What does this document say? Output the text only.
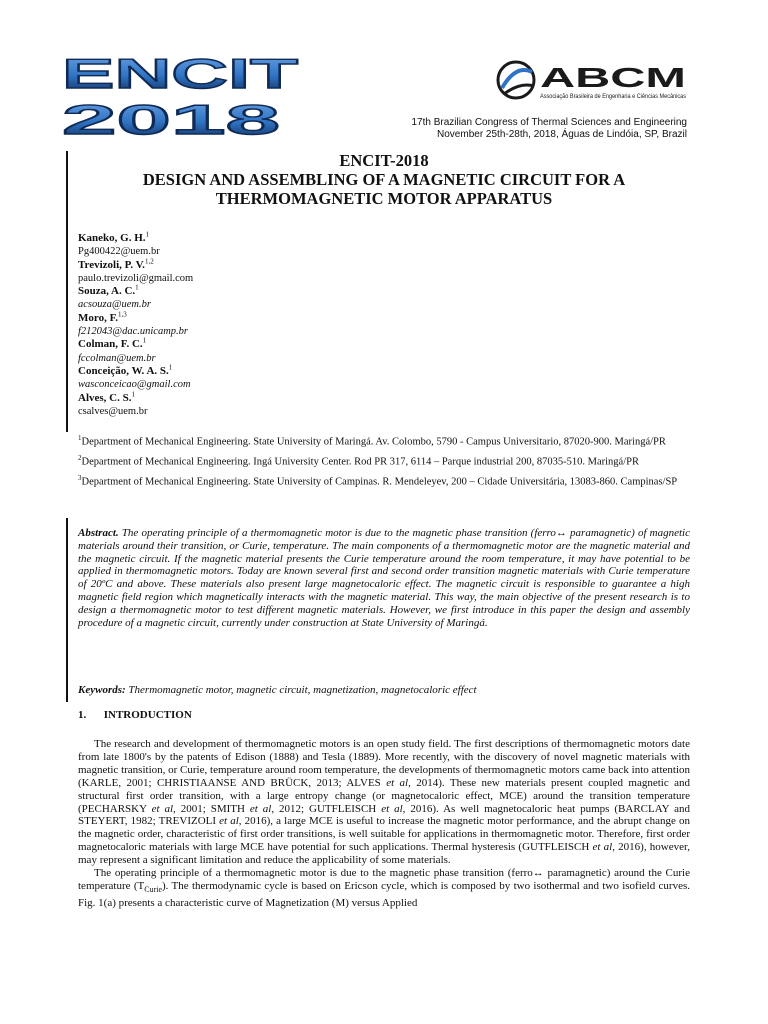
ENCIT
2018
ABCM
Associação Brasileira de Engenharia e Ciências Mecânicas
17th Brazilian Congress of Thermal Sciences and Engineering
November 25th-28th, 2018, Águas de Lindóia, SP, Brazil
ENCIT-2018
DESIGN AND ASSEMBLING OF A MAGNETIC CIRCUIT FOR A
THERMOMAGNETIC MOTOR APPARATUS
Kaneko, G. H.$^1$
Pg400422@uem.br
Trevizoli, P. V.$^{1,2}$
paulo.trevizoli@gmail.com
Souza, A. C.$^1$
acsouza@uem.br
Moro, F.$^{1,3}$
f212043@dac.unicamp.br
Colman, F. C.$^1$
fccolman@uem.br
Conceição, W. A. S.$^1$
wasconceicao@gmail.com
Alves, C. S.$^1$
csalves@uem.br

$^1$Department of Mechanical Engineering. State University of Maringá. Av. Colombo, 5790 - Campus Universitario, 87020-900. Maringá/PR

$^2$Department of Mechanical Engineering. Ingá University Center. Rod PR 317, 6114 – Parque industrial 200, 87035-510. Maringá/PR

$^3$Department of Mechanical Engineering. State University of Campinas. R. Mendeleyev, 200 – Cidade Universitária, 13083-860. Campinas/SP

Abstract. The operating principle of a thermomagnetic motor is due to the magnetic phase transition (ferro↔ paramagnetic) of magnetic materials around their transition, or Curie, temperature. The main components of a thermomagnetic motor are the magnetic material and the magnetic circuit. If the magnetic material presents the Curie temperature around the room temperature, it may have potential to be applied in thermomagnetic motors. Today are known several first and second order transition magnetic materials with Curie temperature of 20ºC and above. These materials also present large magnetocaloric effect. The magnetic circuit is responsible to guarantee a high magnetic field region which magnetically interacts with the magnetic material. This way, the main objective of the present research is to design a thermomagnetic motor to test different magnetic materials. However, we first introduce in this paper the design and assembly procedure of a magnetic circuit, currently under construction at State University of Maringá.
Keywords: Thermomagnetic motor, magnetic circuit, magnetization, magnetocaloric effect
1. INTRODUCTION

The research and development of thermomagnetic motors is an open study field. The first descriptions of thermomagnetic motors date from late 1800's by the patents of Edison (1888) and Tesla (1889). More recently, with the discovery of novel magnetic materials with magnetic transition, or Curie, temperature around room temperature, the developments of thermomagnetic motors came back into attention (KARLE, 2001; CHRISTIAANSE AND BRÜCK, 2013; ALVES et al, 2014). These new materials present coupled magnetic and structural first order transition, with a large entropy change (or magnetocaloric effect, MCE) around the transition temperature (PECHARSKY et al, 2001; SMITH et al, 2012; GUTFLEISCH et al, 2016). As well magnetocaloric heat pumps (BARCLAY and STEYERT, 1982; TREVIZOLI et al, 2016), a large MCE is useful to increase the magnetic motor performance, and the abrupt change on the magnetic order, characteristic of first order transitions, is well suitable for applications in thermomagnetic motor. Therefore, first order magnetocaloric materials with large MCE have potential for such applications. Thermal hysteresis (GUTFLEISCH et al, 2016), however, may represent a significant limitation and reduce the applicability of some materials.

The operating principle of a thermomagnetic motor is due to the magnetic phase transition (ferro↔ paramagnetic) around the Curie temperature $(T_{Curie})$. The thermodynamic cycle is based on Ericson cycle, which is composed by two isothermal and two isofield curves. Fig. 1(a) presents a characteristic curve of Magnetization (M) versus Applied
